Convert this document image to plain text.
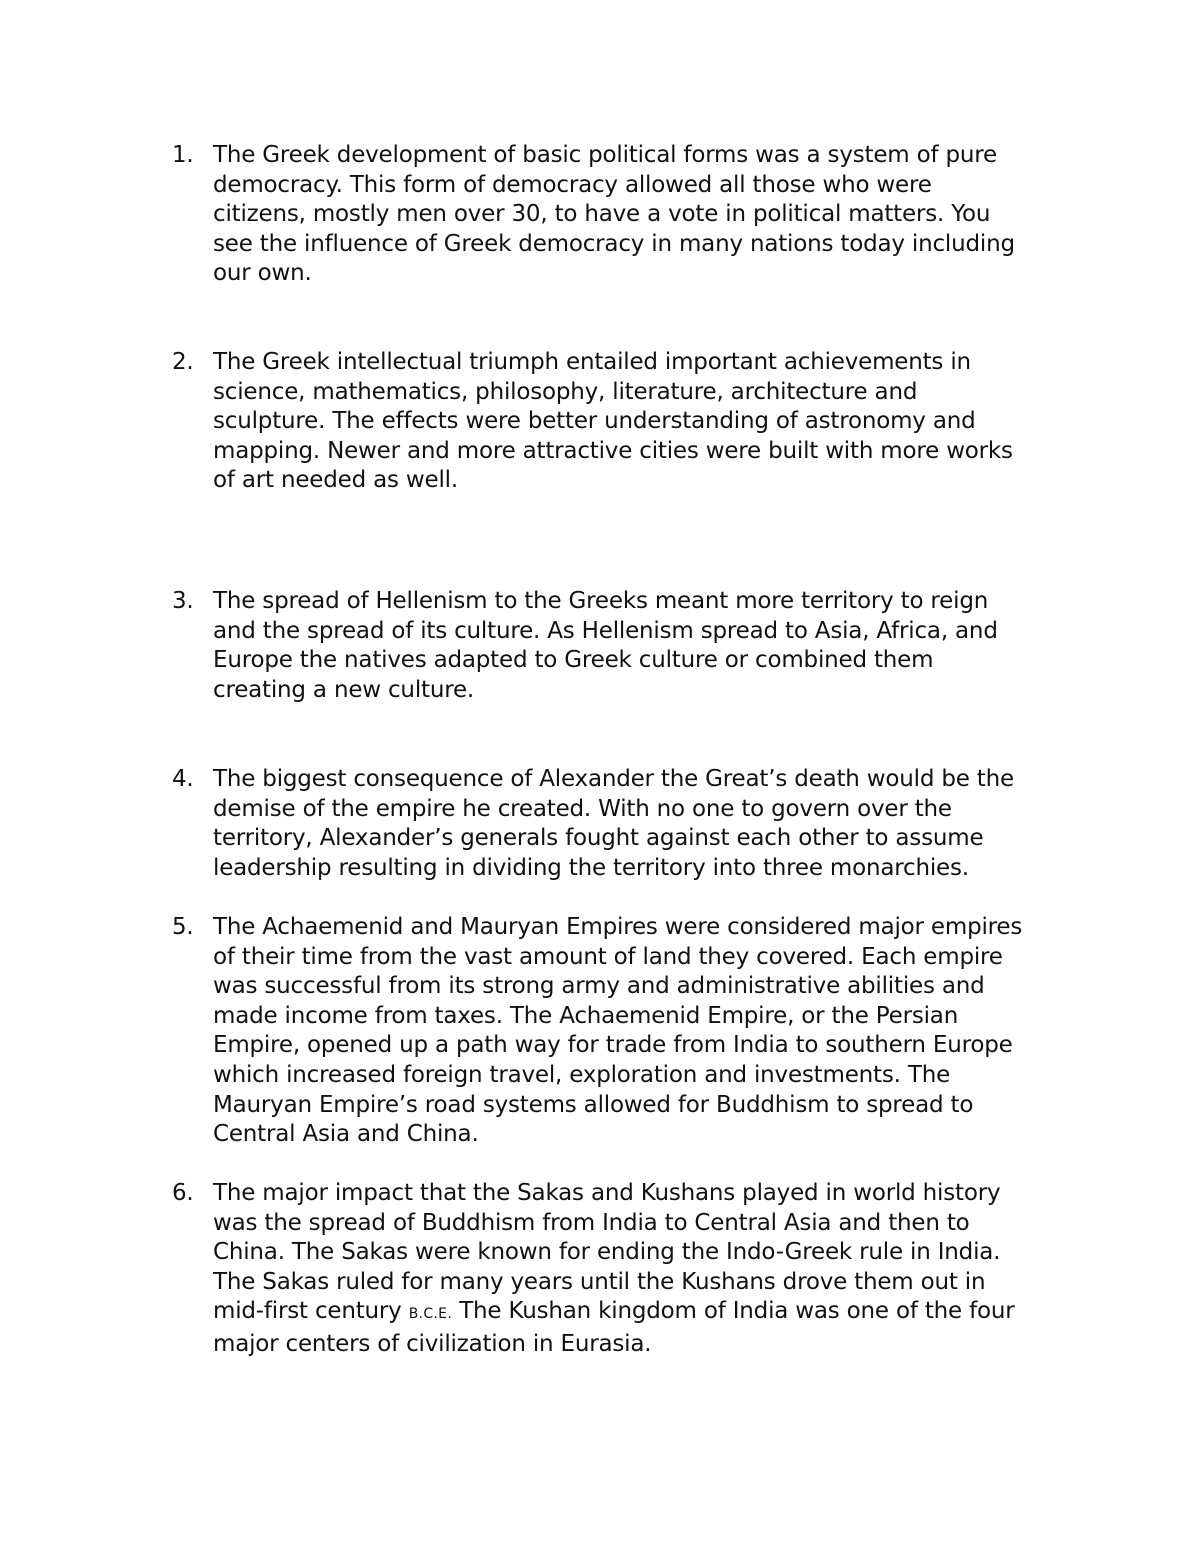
1. The Greek development of basic political forms was a system of pure
democracy. This form of democracy allowed all those who were
citizens, mostly men over 30, to have a vote in political matters. You
see the influence of Greek democracy in many nations today including
our own.
2. The Greek intellectual triumph entailed important achievements in
science, mathematics, philosophy, literature, architecture and
sculpture. The effects were better understanding of astronomy and
mapping. Newer and more attractive cities were built with more works
of art needed as well.
3. The spread of Hellenism to the Greeks meant more territory to reign
and the spread of its culture. As Hellenism spread to Asia, Africa, and
Europe the natives adapted to Greek culture or combined them
creating a new culture.
4. The biggest consequence of Alexander the Great’s death would be the
demise of the empire he created. With no one to govern over the
territory, Alexander’s generals fought against each other to assume
leadership resulting in dividing the territory into three monarchies.
5. The Achaemenid and Mauryan Empires were considered major empires
of their time from the vast amount of land they covered. Each empire
was successful from its strong army and administrative abilities and
made income from taxes. The Achaemenid Empire, or the Persian
Empire, opened up a path way for trade from India to southern Europe
which increased foreign travel, exploration and investments. The
Mauryan Empire’s road systems allowed for Buddhism to spread to
Central Asia and China.
6. The major impact that the Sakas and Kushans played in world history
was the spread of Buddhism from India to Central Asia and then to
China. The Sakas were known for ending the Indo-Greek rule in India.
The Sakas ruled for many years until the Kushans drove them out in
mid-first century B.C.E. The Kushan kingdom of India was one of the four
major centers of civilization in Eurasia.
